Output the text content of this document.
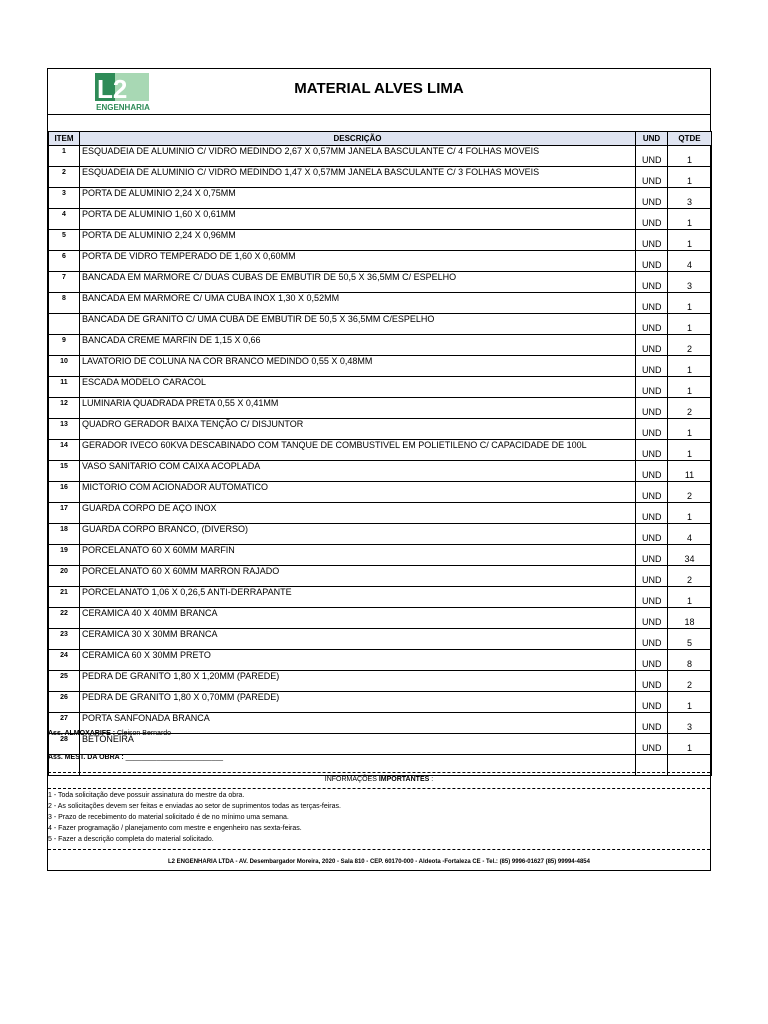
L2
ENGENHARIA
MATERIAL ALVES LIMA
ITEM	DESCRIÇÃO	UND	QTDE
1	ESQUADEIA DE ALUMINIO C/ VIDRO MEDINDO 2,67 X 0,57MM JANELA BASCULANTE C/ 4 FOLHAS MOVEIS	UND	1
2	ESQUADEIA DE ALUMINIO C/ VIDRO MEDINDO 1,47 X 0,57MM JANELA BASCULANTE C/ 3 FOLHAS MOVEIS	UND	1
3	PORTA DE ALUMINIO 2,24 X 0,75MM	UND	3
4	PORTA DE ALUMINIO 1,60 X 0,61MM	UND	1
5	PORTA DE ALUMINIO 2,24 X 0,96MM	UND	1
6	PORTA DE VIDRO TEMPERADO DE 1,60 X 0,60MM	UND	4
7	BANCADA EM MARMORE C/ DUAS CUBAS DE EMBUTIR DE 50,5 X 36,5MM C/ ESPELHO	UND	3
8	BANCADA EM MARMORE C/ UMA CUBA INOX 1,30 X 0,52MM	UND	1
	BANCADA DE GRANITO C/ UMA CUBA DE EMBUTIR DE 50,5 X 36,5MM C/ESPELHO	UND	1
9	BANCADA CREME MARFIN DE 1,15 X 0,66	UND	2
10	LAVATORIO DE COLUNA NA COR BRANCO MEDINDO 0,55 X 0,48MM	UND	1
11	ESCADA MODELO CARACOL	UND	1
12	LUMINARIA QUADRADA PRETA 0,55 X 0,41MM	UND	2
13	QUADRO GERADOR BAIXA TENÇÃO C/ DISJUNTOR	UND	1
14	GERADOR IVECO 60KVA DESCABINADO COM TANQUE DE COMBUSTIVEL EM POLIETILENO C/ CAPACIDADE DE 100L	UND	1
15	VASO SANITARIO COM CAIXA ACOPLADA	UND	11
16	MICTORIO COM ACIONADOR AUTOMATICO	UND	2
17	GUARDA CORPO DE AÇO INOX	UND	1
18	GUARDA CORPO BRANCO, (DIVERSO)	UND	4
19	PORCELANATO 60 X 60MM MARFIN	UND	34
20	PORCELANATO 60 X 60MM MARRON RAJADO	UND	2
21	PORCELANATO 1,06 X 0,26,5 ANTI-DERRAPANTE	UND	1
22	CERAMICA 40 X 40MM BRANCA	UND	18
23	CERAMICA 30 X 30MM BRANCA	UND	5
24	CERAMICA 60 X 30MM PRETO	UND	8
25	PEDRA DE GRANITO 1,80 X 1,20MM (PAREDE)	UND	2
26	PEDRA DE GRANITO 1,80 X 0,70MM (PAREDE)	UND	1
27	PORTA SANFONADA BRANCA	UND	3
28	BETONEIRA	UND	1

Ass. ALMOXARIFE : Cleison Bernardo
Ass. MEST. DA OBRA : _________________________
INFORMAÇÕES IMPORTANTES :
1 - Toda solicitação deve possuir assinatura do mestre da obra.
2 - As solicitações devem ser feitas e enviadas ao setor de suprimentos todas as terças-feiras.
3 - Prazo de recebimento do material solicitado é de no mínimo uma semana.
4 - Fazer programação / planejamento com mestre e engenheiro nas sexta-feiras.
5 - Fazer a descrição completa do material solicitado.
L2 ENGENHARIA LTDA - AV. Desembargador Moreira, 2020 - Sala 810 - CEP. 60170-000 - Aldeota -Fortaleza CE - Tel.: (85) 9996-01627 (85) 99994-4854
